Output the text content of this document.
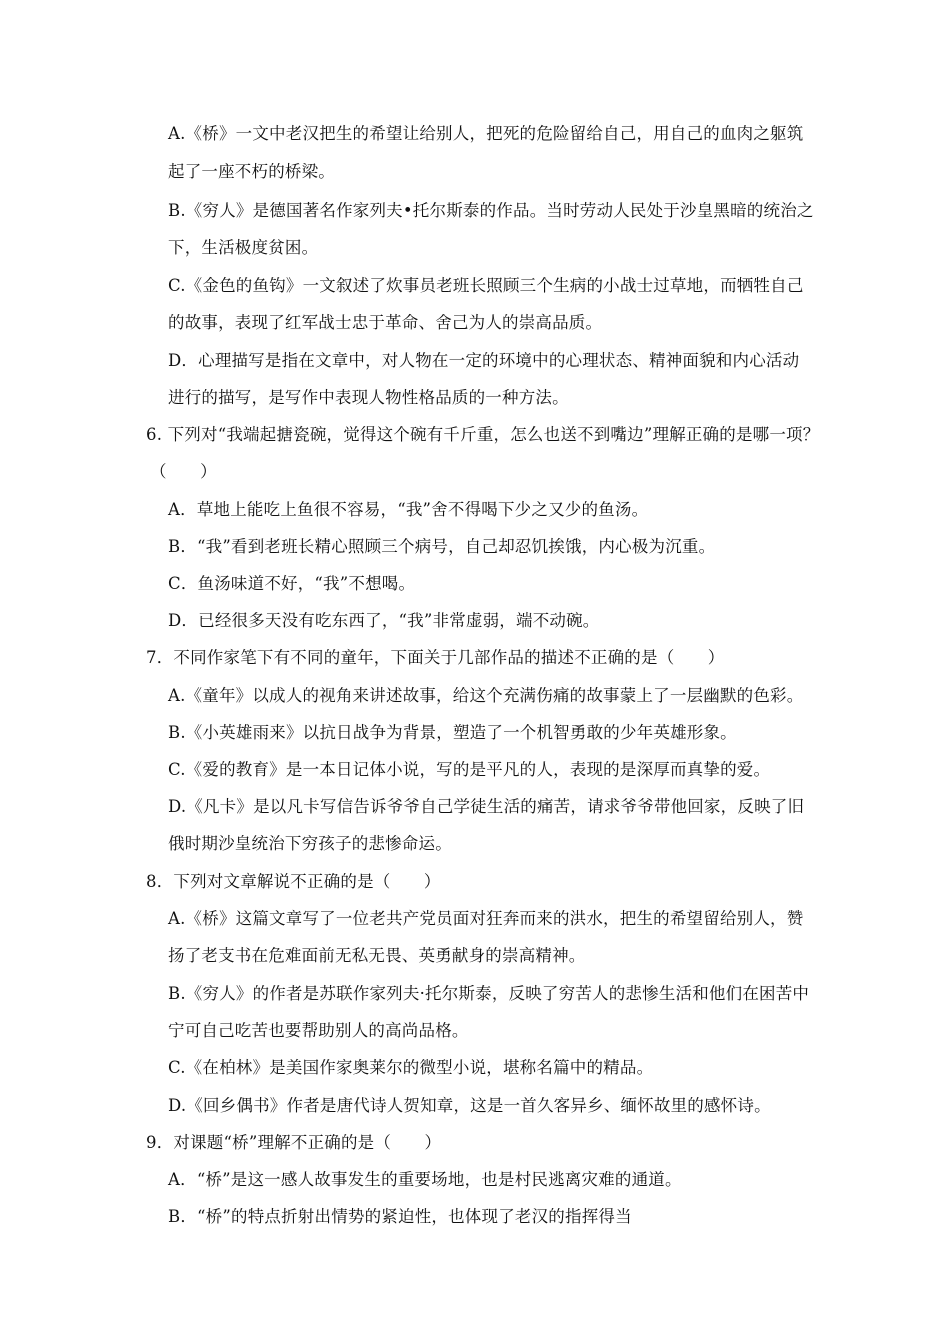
A.《桥》一文中老汉把生的希望让给别人，把死的危险留给自己，用自己的血肉之躯筑
起了一座不朽的桥梁。
B.《穷人》是德国著名作家列夫•托尔斯泰的作品。当时劳动人民处于沙皇黑暗的统治之
下，生活极度贫困。
C.《金色的鱼钩》一文叙述了炊事员老班长照顾三个生病的小战士过草地，而牺牲自己
的故事，表现了红军战士忠于革命、舍己为人的崇高品质。
D．心理描写是指在文章中，对人物在一定的环境中的心理状态、精神面貌和内心活动
进行的描写，是写作中表现人物性格品质的一种方法。
6. 下列对“我端起搪瓷碗，觉得这个碗有千斤重，怎么也送不到嘴边”理解正确的是哪一项？
（　　）
A．草地上能吃上鱼很不容易，“我”舍不得喝下少之又少的鱼汤。
B．“我”看到老班长精心照顾三个病号，自己却忍饥挨饿，内心极为沉重。
C．鱼汤味道不好，“我”不想喝。
D．已经很多天没有吃东西了，“我”非常虚弱，端不动碗。
7．不同作家笔下有不同的童年，下面关于几部作品的描述不正确的是（　　）
A.《童年》以成人的视角来讲述故事，给这个充满伤痛的故事蒙上了一层幽默的色彩。
B.《小英雄雨来》以抗日战争为背景，塑造了一个机智勇敢的少年英雄形象。
C.《爱的教育》是一本日记体小说，写的是平凡的人，表现的是深厚而真挚的爱。
D.《凡卡》是以凡卡写信告诉爷爷自己学徒生活的痛苦，请求爷爷带他回家，反映了旧
俄时期沙皇统治下穷孩子的悲惨命运。
8．下列对文章解说不正确的是（　　）
A.《桥》这篇文章写了一位老共产党员面对狂奔而来的洪水，把生的希望留给别人，赞
扬了老支书在危难面前无私无畏、英勇献身的崇高精神。
B.《穷人》的作者是苏联作家列夫·托尔斯泰，反映了穷苦人的悲惨生活和他们在困苦中
宁可自己吃苦也要帮助别人的高尚品格。
C.《在柏林》是美国作家奥莱尔的微型小说，堪称名篇中的精品。
D.《回乡偶书》作者是唐代诗人贺知章，这是一首久客异乡、缅怀故里的感怀诗。
9．对课题“桥”理解不正确的是（　　）
A．“桥”是这一感人故事发生的重要场地，也是村民逃离灾难的通道。
B．“桥”的特点折射出情势的紧迫性，也体现了老汉的指挥得当
